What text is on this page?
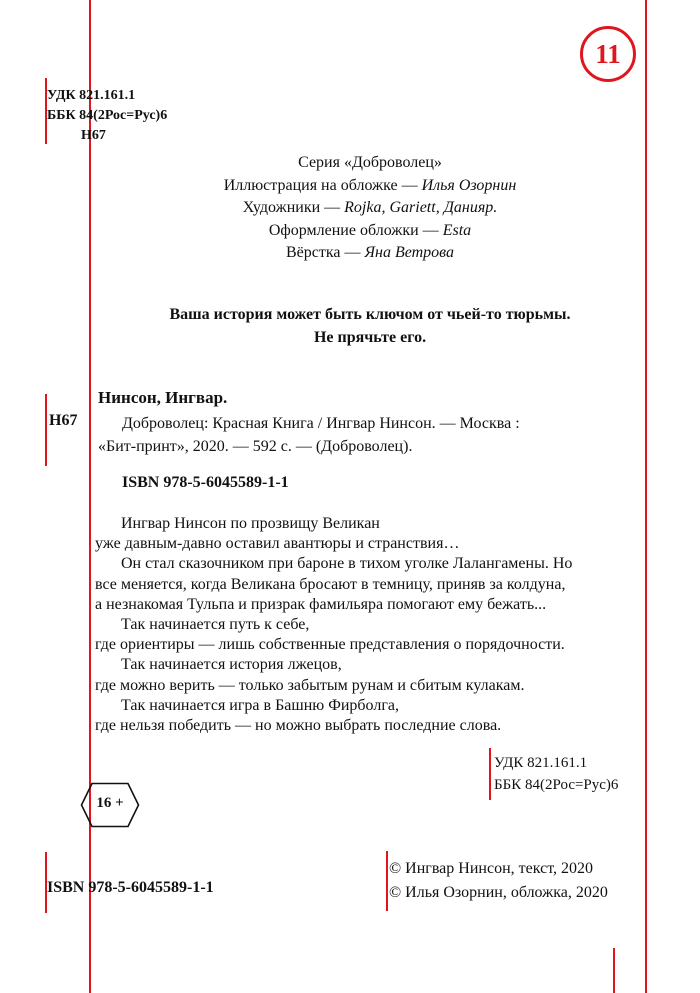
11
УДК 821.161.1
ББК 84(2Рос=Рус)6
Н67
Серия «Доброволец»
Иллюстрация на обложке — Илья Озорнин
Художники — Rojka, Gariett, Данияр.
Оформление обложки — Esta
Вёрстка — Яна Ветрова
Ваша история может быть ключом от чьей-то тюрьмы.
Не прячьте его.
Нинсон, Ингвар.
Н67	Доброволец: Красная Книга / Ингвар Нинсон. — Москва :
«Бит-принт», 2020. — 592 с. — (Доброволец).
ISBN 978-5-6045589-1-1
Ингвар Нинсон по прозвищу Великан
уже давным-давно оставил авантюры и странствия…
Он стал сказочником при бароне в тихом уголке Лалангамены. Но
все меняется, когда Великана бросают в темницу, приняв за колдуна,
а незнакомая Тульпа и призрак фамильяра помогают ему бежать...
Так начинается путь к себе,
где ориентиры — лишь собственные представления о порядочности.
Так начинается история лжецов,
где можно верить — только забытым рунам и сбитым кулакам.
Так начинается игра в Башню Фирболга,
где нельзя победить — но можно выбрать последние слова.
УДК 821.161.1
ББК 84(2Рос=Рус)6
16 +
ISBN 978-5-6045589-1-1
© Ингвар Нинсон, текст, 2020
© Илья Озорнин, обложка, 2020
